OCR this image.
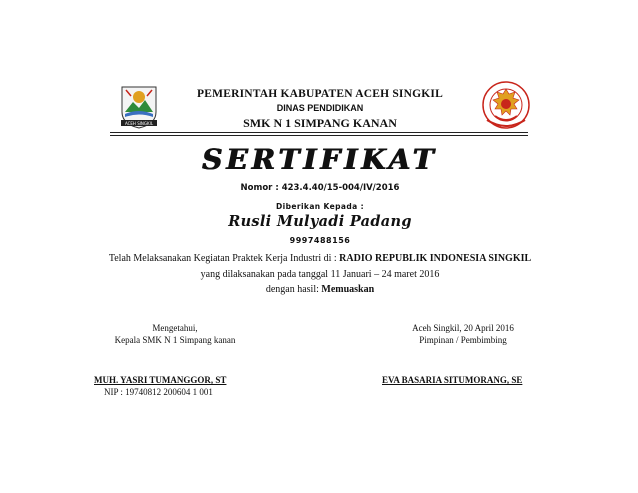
ACEH SINGKIL
PEMERINTAH KABUPATEN ACEH SINGKIL
DINAS PENDIDIKAN
SMK N 1 SIMPANG KANAN
SERTIFIKAT
Nomor : 423.4.40/15-004/IV/2016
Diberikan Kepada :
Rusli Mulyadi Padang
9997488156
Telah Melaksanakan Kegiatan Praktek Kerja Industri di : RADIO REPUBLIK INDONESIA SINGKIL
yang dilaksanakan pada tanggal 11 Januari – 24 maret 2016
dengan hasil: Memuaskan
Mengetahui,
Kepala SMK N 1 Simpang kanan
Aceh Singkil, 20 April 2016
Pimpinan / Pembimbing
MUH. YASRI TUMANGGOR, ST
NIP : 19740812 200604 1 001
EVA BASARIA SITUMORANG, SE
